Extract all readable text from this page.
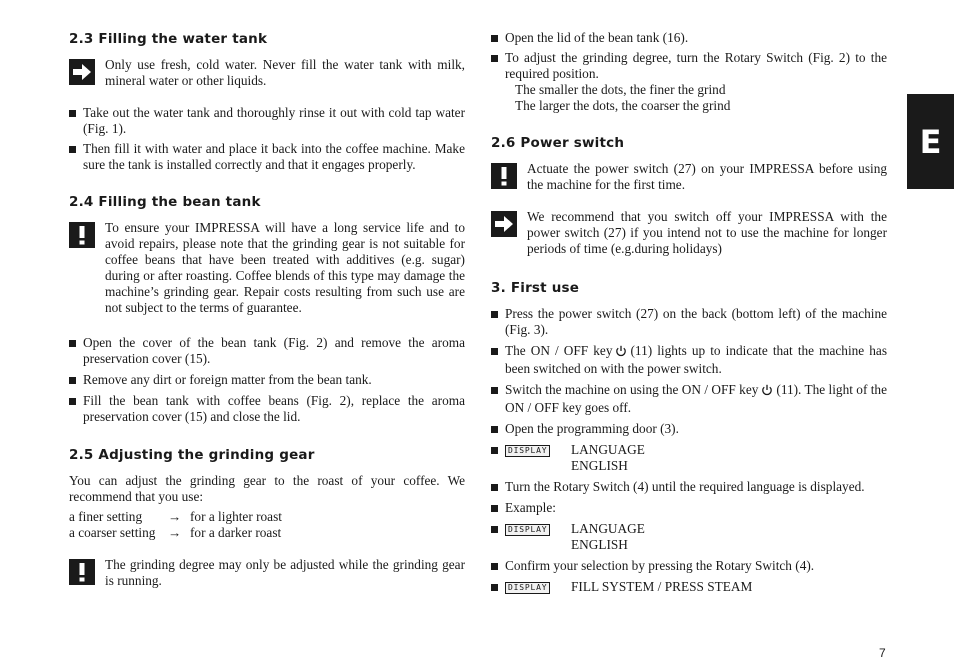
2.3 Filling the water tank
Only use fresh, cold water. Never fill the water tank with milk, mineral water or other liquids.
Take out the water tank and thoroughly rinse it out with cold tap water (Fig. 1).
Then fill it with water and place it back into the coffee machine. Make sure the tank is installed correctly and that it engages properly.
2.4 Filling the bean tank
To ensure your IMPRESSA will have a long service life and to avoid repairs, please note that the grinding gear is not suitable for coffee beans that have been treated with additives (e.g. sugar) during or after roasting. Coffee blends of this type may damage the machine’s grinding gear. Repair costs resulting from such use are not subject to the terms of guarantee.
Open the cover of the bean tank (Fig. 2) and remove the aroma preservation cover (15).
Remove any dirt or foreign matter from the bean tank.
Fill the bean tank with coffee beans (Fig. 2), replace the aroma preservation cover (15) and close the lid.
2.5 Adjusting the grinding gear
You can adjust the grinding gear to the roast of your coffee. We recommend that you use:
a finer setting	→ for a lighter roast
a coarser setting → for a darker roast
The grinding degree may only be adjusted while the grinding gear is running.
Open the lid of the bean tank (16).
To adjust the grinding degree, turn the Rotary Switch (Fig. 2) to the required position.
The smaller the dots, the finer the grind
The larger the dots, the coarser the grind
2.6 Power switch
Actuate the power switch (27) on your IMPRESSA before using the machine for the first time.
We recommend that you switch off your IMPRESSA with the power switch (27) if you intend not to use the machine for longer periods of time (e.g.during holidays)
3. First use
Press the power switch (27) on the back (bottom left) of the machine (Fig. 3).
The ON / OFF key (11) lights up to indicate that the machine has been switched on with the power switch.
Switch the machine on using the ON / OFF key (11). The light of the ON / OFF key goes off.
Open the programming door (3).
DISPLAY	LANGUAGE
ENGLISH
Turn the Rotary Switch (4) until the required language is displayed.
Example:
DISPLAY	LANGUAGE
ENGLISH
Confirm your selection by pressing the Rotary Switch (4).
DISPLAY	FILL SYSTEM / PRESS STEAM
E
7
